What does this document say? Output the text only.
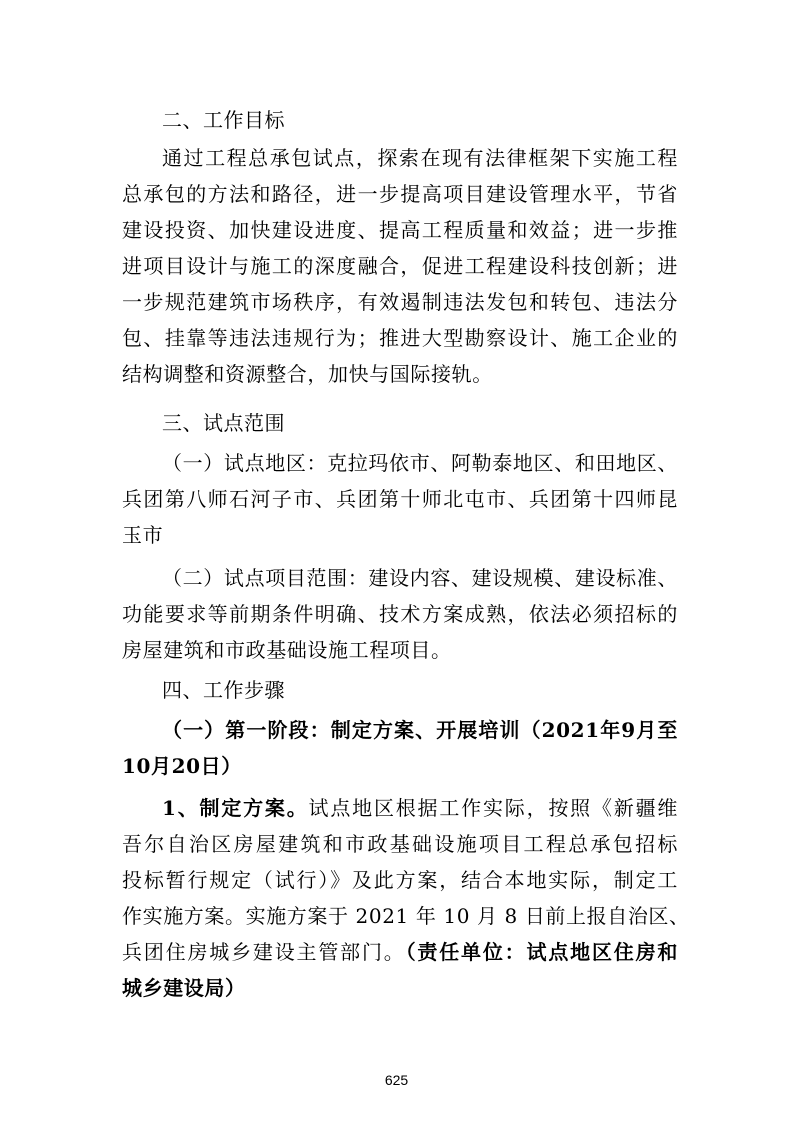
二、工作目标
通过工程总承包试点，探索在现有法律框架下实施工程
总承包的方法和路径，进一步提高项目建设管理水平，节省
建设投资、加快建设进度、提高工程质量和效益；进一步推
进项目设计与施工的深度融合，促进工程建设科技创新；进
一步规范建筑市场秩序，有效遏制违法发包和转包、违法分
包、挂靠等违法违规行为；推进大型勘察设计、施工企业的
结构调整和资源整合，加快与国际接轨。
三、试点范围
（一）试点地区：克拉玛依市、阿勒泰地区、和田地区、
兵团第八师石河子市、兵团第十师北屯市、兵团第十四师昆
玉市
（二）试点项目范围：建设内容、建设规模、建设标准、
功能要求等前期条件明确、技术方案成熟，依法必须招标的
房屋建筑和市政基础设施工程项目。
四、工作步骤
（一）第一阶段：制定方案、开展培训（2021年9月至
10月20日）
1、制定方案。试点地区根据工作实际，按照《新疆维
吾尔自治区房屋建筑和市政基础设施项目工程总承包招标
投标暂行规定（试行）》及此方案，结合本地实际，制定工
作实施方案。实施方案于 2021 年 10 月 8 日前上报自治区、
兵团住房城乡建设主管部门。（责任单位：试点地区住房和
城乡建设局）
625
